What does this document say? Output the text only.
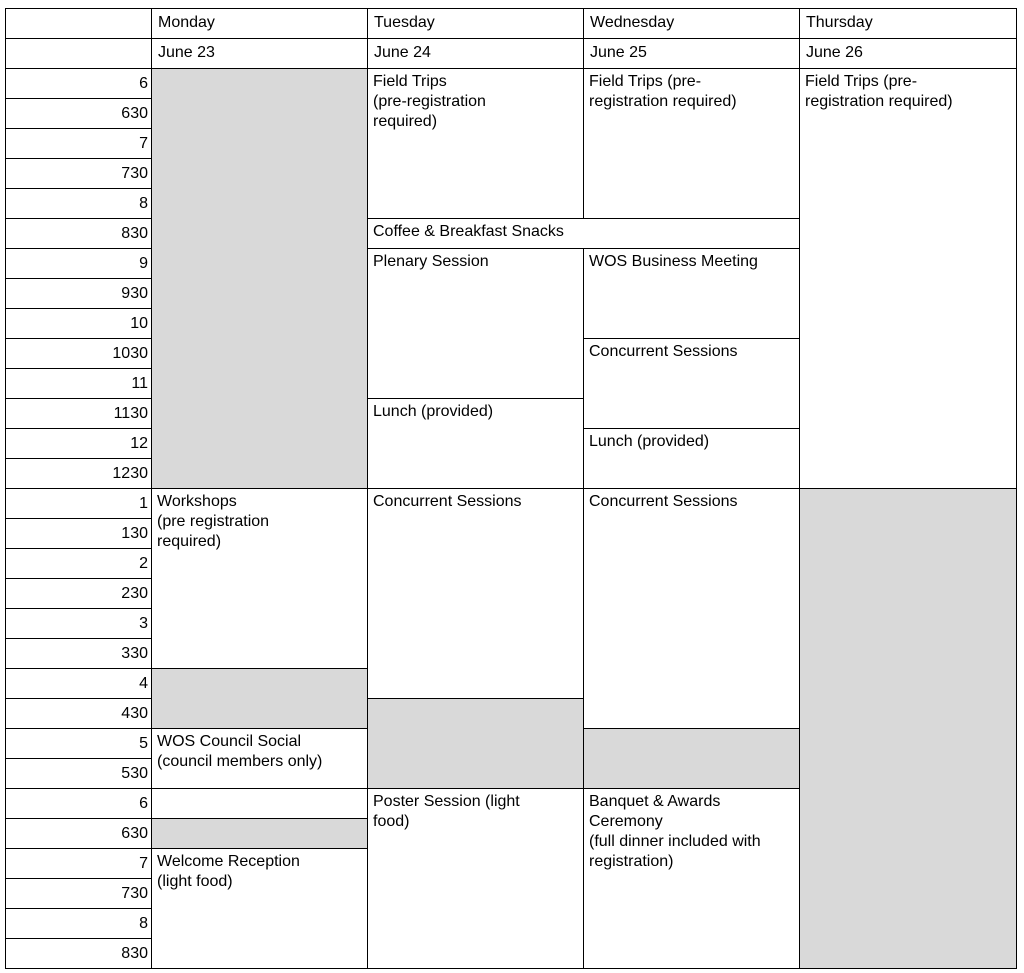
Monday
June 23
Tuesday
June 24
Wednesday
June 25
Thursday
June 26
6
630
7
730
8
830
9
930
10
1030
11
1130
12
1230
1
130
2
230
3
330
4
430
5
530
6
630
7
730
8
830
Workshops
(pre registration
required)
WOS Council Social
(council members only)
Welcome Reception
(light food)
Field Trips
(pre-registration
required)
Coffee & Breakfast Snacks
Plenary Session
Lunch (provided)
Concurrent Sessions
Poster Session (light
food)
Field Trips (pre-
registration required)
WOS Business Meeting
Concurrent Sessions
Lunch (provided)
Concurrent Sessions
Banquet & Awards
Ceremony
(full dinner included with
registration)
Field Trips (pre-
registration required)
